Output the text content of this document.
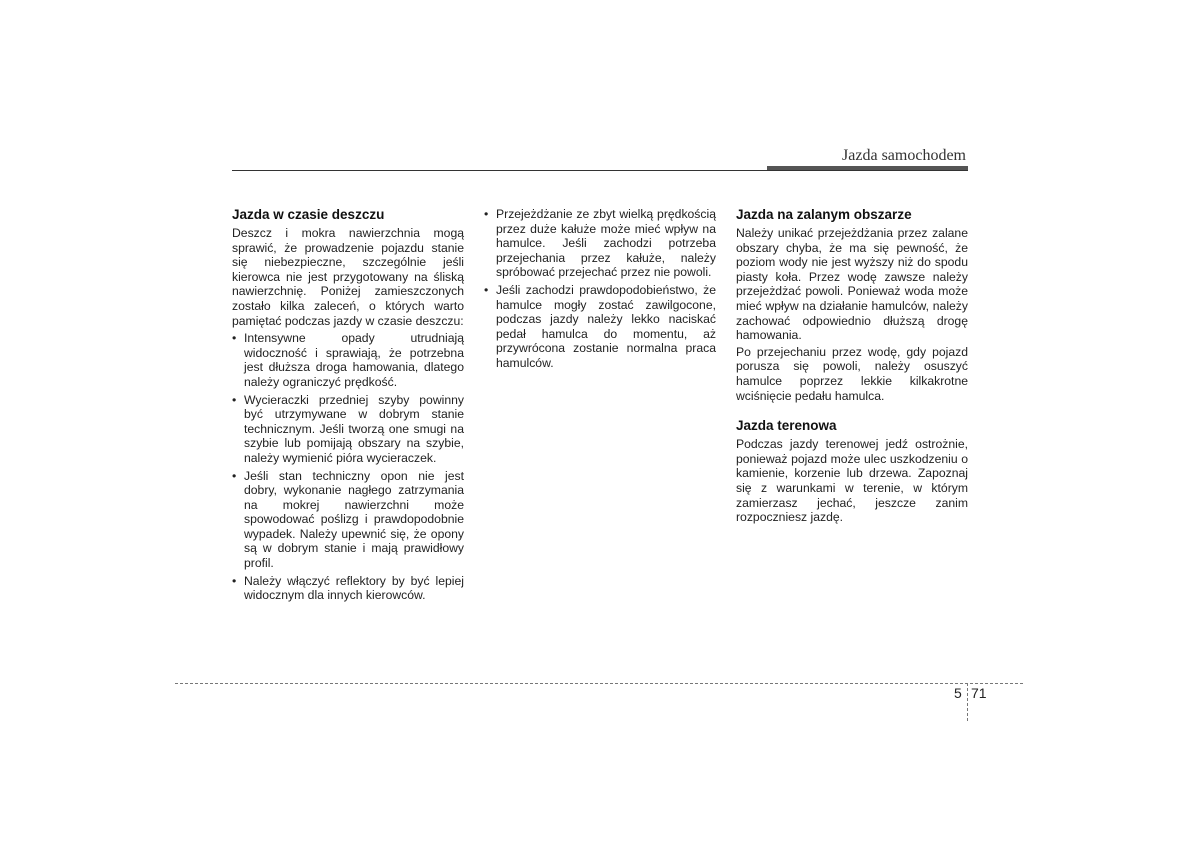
Jazda samochodem
Jazda w czasie deszczu

Deszcz i mokra nawierzchnia mogą sprawić, że prowadzenie pojazdu stanie się niebezpieczne, szczególnie jeśli kierowca nie jest przygotowany na śliską nawierzchnię. Poniżej zamieszczonych zostało kilka zaleceń, o których warto pamiętać podczas jazdy w czasie deszczu:

• Intensywne opady utrudniają widoczność i sprawiają, że potrzebna jest dłuższa droga hamowania, dlatego należy ograniczyć prędkość.
• Wycieraczki przedniej szyby powinny być utrzymywane w dobrym stanie technicznym. Jeśli tworzą one smugi na szybie lub pomijają obszary na szybie, należy wymienić pióra wycieraczek.
• Jeśli stan techniczny opon nie jest dobry, wykonanie nagłego zatrzymania na mokrej nawierzchni może spowodować poślizg i prawdopodobnie wypadek. Należy upewnić się, że opony są w dobrym stanie i mają prawidłowy profil.
• Należy włączyć reflektory by być lepiej widocznym dla innych kierowców.
• Przejeżdżanie ze zbyt wielką prędkością przez duże kałuże może mieć wpływ na hamulce. Jeśli zachodzi potrzeba przejechania przez kałuże, należy spróbować przejechać przez nie powoli.
• Jeśli zachodzi prawdopodobieństwo, że hamulce mogły zostać zawilgocone, podczas jazdy należy lekko naciskać pedał hamulca do momentu, aż przywrócona zostanie normalna praca hamulców.
Jazda na zalanym obszarze

Należy unikać przejeżdżania przez zalane obszary chyba, że ma się pewność, że poziom wody nie jest wyższy niż do spodu piasty koła. Przez wodę zawsze należy przejeżdżać powoli. Ponieważ woda może mieć wpływ na działanie hamulców, należy zachować odpowiednio dłuższą drogę hamowania.

Po przejechaniu przez wodę, gdy pojazd porusza się powoli, należy osuszyć hamulce poprzez lekkie kilkakrotne wciśnięcie pedału hamulca.

Jazda terenowa

Podczas jazdy terenowej jedź ostrożnie, ponieważ pojazd może ulec uszkodzeniu o kamienie, korzenie lub drzewa. Zapoznaj się z warunkami w terenie, w którym zamierzasz jechać, jeszcze zanim rozpoczniesz jazdę.

5 71
